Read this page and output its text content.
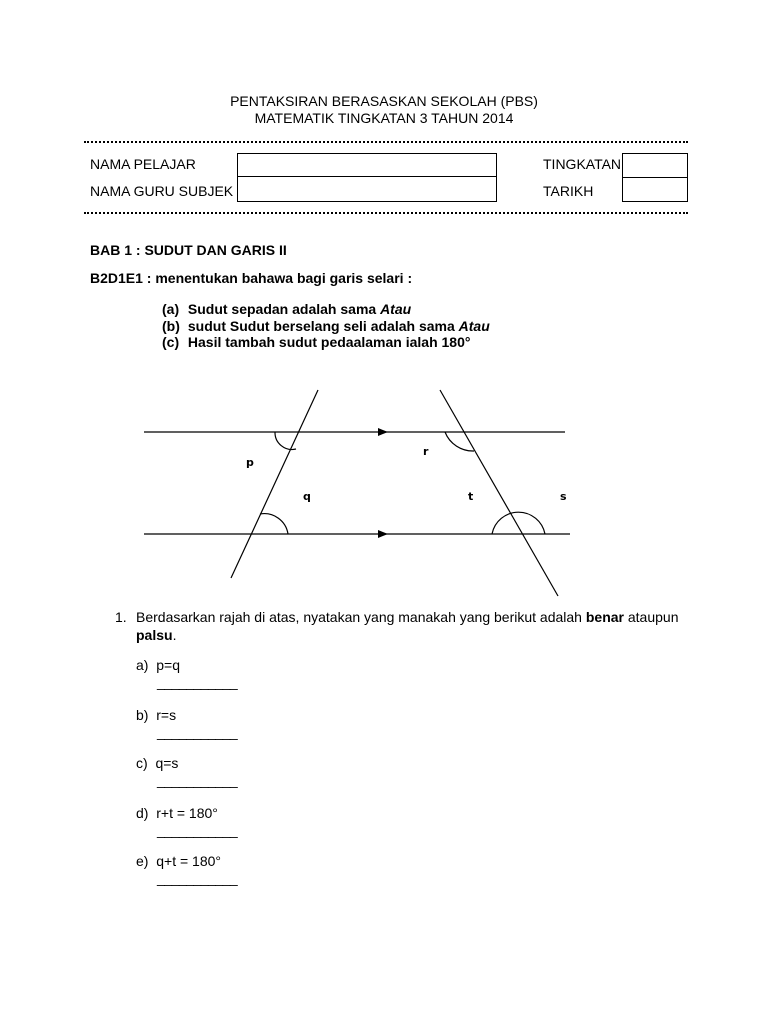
PENTAKSIRAN BERASASKAN SEKOLAH (PBS)
MATEMATIK TINGKATAN 3 TAHUN 2014
NAMA PELAJAR
NAMA GURU SUBJEK
TINGKATAN
TARIKH
BAB 1 : SUDUT DAN GARIS II
B2D1E1 : menentukan bahawa bagi garis selari :
(a) Sudut sepadan adalah sama Atau
(b) sudut Sudut berselang seli adalah sama Atau
(c) Hasil tambah sudut pedaalaman ialah 180°
p
q
r
t	s
1. Berdasarkan rajah di atas, nyatakan yang manakah yang berikut adalah benar ataupun
palsu.
a) p=q
___________
b) r=s
___________
c) q=s
___________
d) r+t = 180°
___________
e) q+t = 180°
___________
